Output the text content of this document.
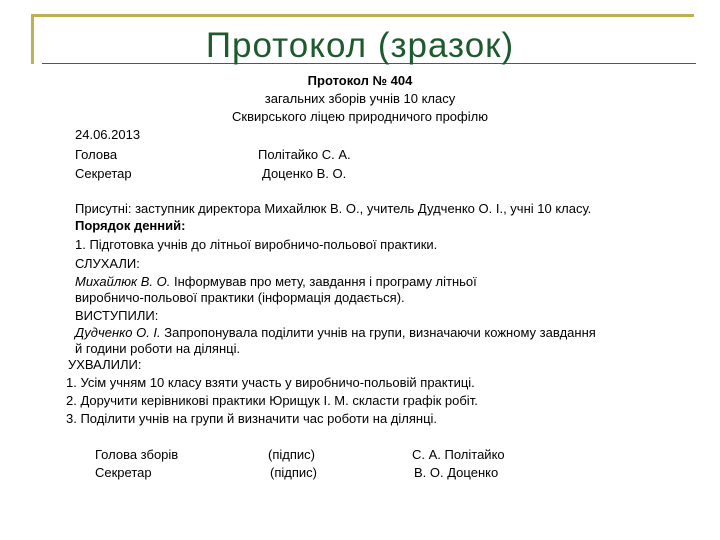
Протокол (зразок)
Протокол № 404
загальних зборів учнів 10 класу
Сквирського ліцею природничого профілю
24.06.2013
Голова	Політайко С. А.
Секретар	Доценко В. О.
Присутні: заступник директора Михайлюк В. О., учитель Дудченко О. І., учні 10 класу.
Порядок денний:
1. Підготовка учнів до літньої виробничо-польової практики.
СЛУХАЛИ:
Михайлюк В. О. Інформував про мету, завдання і програму літньої
виробничо-польової практики (інформація додається).
ВИСТУПИЛИ:
Дудченко О. І. Запропонувала поділити учнів на групи, визначаючи кожному завдання
й години роботи на ділянці.
УХВАЛИЛИ:
1. Усім учням 10 класу взяти участь у виробничо-польовій практиці.
2. Доручити керівникові практики Юрищук І. М. скласти графік робіт.
3. Поділити учнів на групи й визначити час роботи на ділянці.
Голова зборів	(підпис)	С. А. Політайко
Секретар	(підпис)	В. О. Доценко
